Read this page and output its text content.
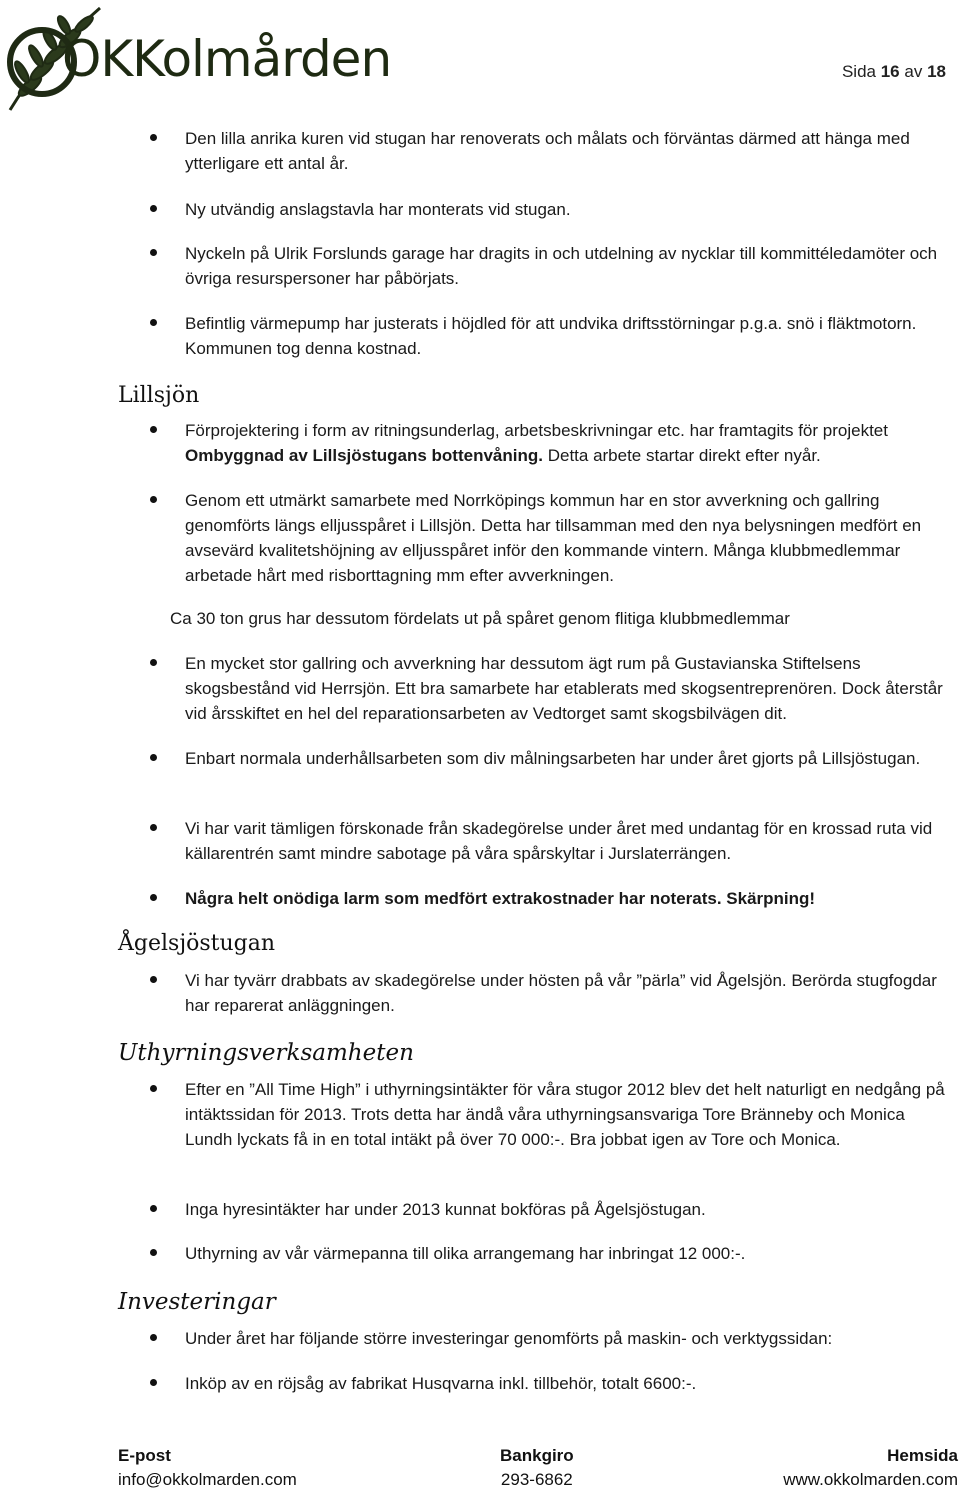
OKKolmården	Sida 16 av 18
Den lilla anrika kuren vid stugan har renoverats och målats och förväntas därmed att hänga med ytterligare ett antal år.
Ny utvändig anslagstavla har monterats vid stugan.
Nyckeln på Ulrik Forslunds garage har dragits in och utdelning av nycklar till kommittéledamöter och övriga resurspersoner har påbörjats.
Befintlig värmepump har justerats i höjdled för att undvika driftsstörningar p.g.a. snö i fläktmotorn. Kommunen tog denna kostnad.
Lillsjön
Förprojektering i form av ritningsunderlag, arbetsbeskrivningar etc. har framtagits för projektet Ombyggnad av Lillsjöstugans bottenvåning. Detta arbete startar direkt efter nyår.
Genom ett utmärkt samarbete med Norrköpings kommun har en stor avverkning och gallring genomförts längs elljusspåret i Lillsjön. Detta har tillsamman med den nya belysningen medfört en avsevärd kvalitetshöjning av elljusspåret inför den kommande vintern. Många klubbmedlemmar arbetade hårt med risborttagning mm efter avverkningen.
Ca 30 ton grus har dessutom fördelats ut på spåret genom flitiga klubbmedlemmar
En mycket stor gallring och avverkning har dessutom ägt rum på Gustavianska Stiftelsens skogsbestånd vid Herrsjön. Ett bra samarbete har etablerats med skogsentreprenören. Dock återstår vid årsskiftet en hel del reparationsarbeten av Vedtorget samt skogsbilvägen dit.
Enbart normala underhållsarbeten som div målningsarbeten har under året gjorts på Lillsjöstugan.
Vi har varit tämligen förskonade från skadegörelse under året med undantag för en krossad ruta vid källarentrén samt mindre sabotage på våra spårskyltar i Jurslaterrängen.
Några helt onödiga larm som medfört extrakostnader har noterats. Skärpning!
Ågelsjöstugan
Vi har tyvärr drabbats av skadegörelse under hösten på vår ”pärla” vid Ågelsjön. Berörda stugfogdar har reparerat anläggningen.
Uthyrningsverksamheten
Efter en ”All Time High” i uthyrningsintäkter för våra stugor 2012 blev det helt naturligt en nedgång på intäktssidan för 2013. Trots detta har ändå våra uthyrningsansvariga Tore Bränneby och Monica Lundh lyckats få in en total intäkt på över 70 000:-. Bra jobbat igen av Tore och Monica.
Inga hyresintäkter har under 2013 kunnat bokföras på Ågelsjöstugan.
Uthyrning av vår värmepanna till olika arrangemang har inbringat 12 000:-.
Investeringar
Under året har följande större investeringar genomförts på maskin- och verktygssidan:
Inköp av en röjsåg av fabrikat Husqvarna inkl. tillbehör, totalt 6600:-.
E-post
info@okkolmarden.com
Bankgiro
293-6862
Hemsida
www.okkolmarden.com
